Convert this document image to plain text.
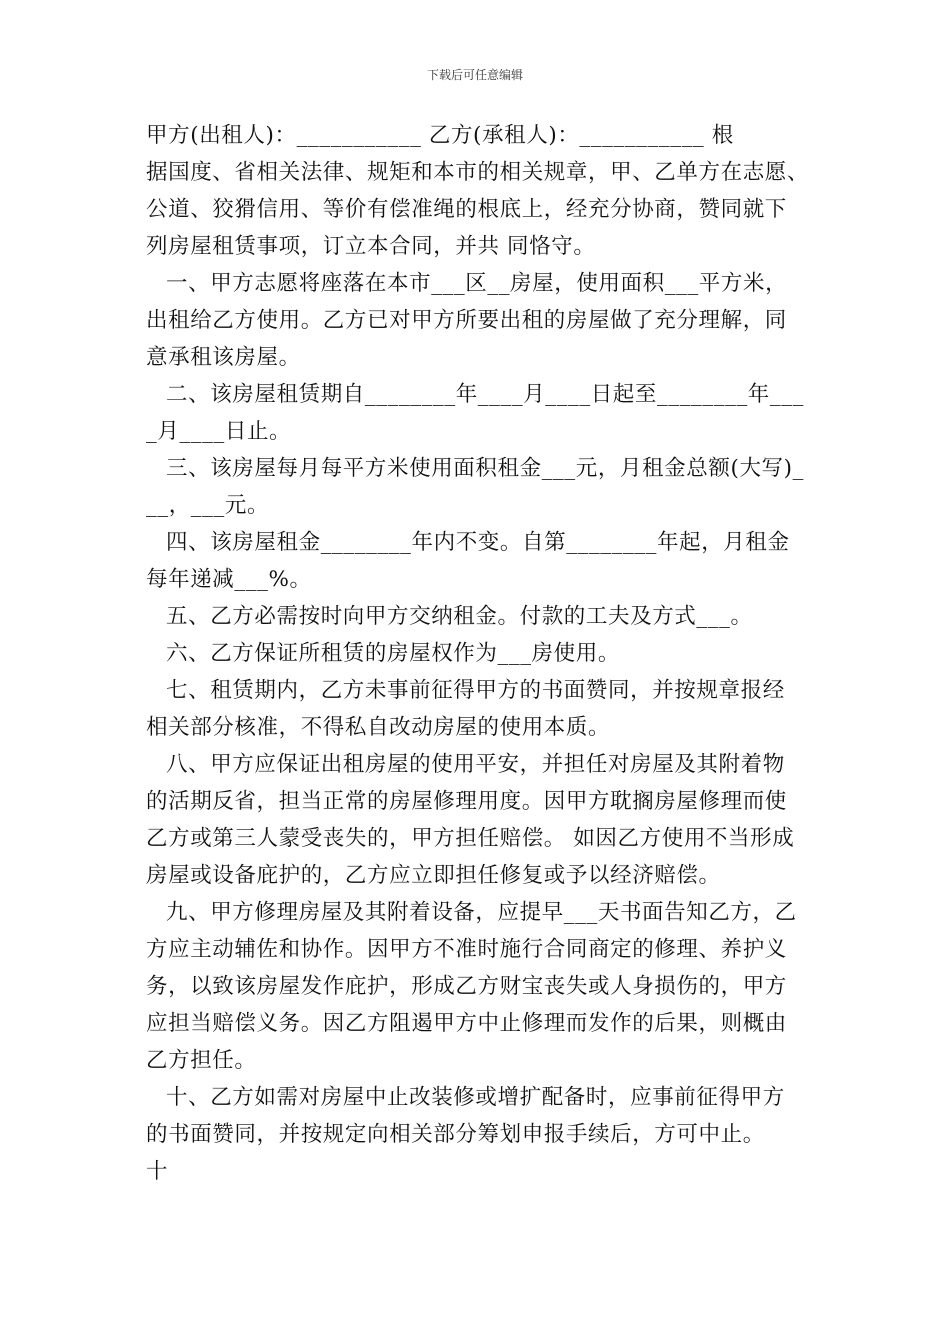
下载后可任意编辑
甲方(出租人)：___________ 乙方(承租人)：___________ 根
据国度、省相关法律、规矩和本市的相关规章，甲、乙单方在志愿、
公道、狡猾信用、等价有偿准绳的根底上，经充分协商，赞同就下
列房屋租赁事项，订立本合同，并共 同恪守。
一、甲方志愿将座落在本市___区__房屋，使用面积___平方米，
出租给乙方使用。乙方已对甲方所要出租的房屋做了充分理解，同
意承租该房屋。
二、该房屋租赁期自________年____月____日起至________年___
_月____日止。
三、该房屋每月每平方米使用面积租金___元，月租金总额(大写)_
__，___元。
四、该房屋租金________年内不变。自第________年起，月租金
每年递减___%。
五、乙方必需按时向甲方交纳租金。付款的工夫及方式___。
六、乙方保证所租赁的房屋权作为___房使用。
七、租赁期内，乙方未事前征得甲方的书面赞同，并按规章报经
相关部分核准，不得私自改动房屋的使用本质。
八、甲方应保证出租房屋的使用平安，并担任对房屋及其附着物
的活期反省，担当正常的房屋修理用度。因甲方耽搁房屋修理而使
乙方或第三人蒙受丧失的，甲方担任赔偿。 如因乙方使用不当形成
房屋或设备庇护的，乙方应立即担任修复或予以经济赔偿。
九、甲方修理房屋及其附着设备，应提早___天书面告知乙方，乙
方应主动辅佐和协作。因甲方不准时施行合同商定的修理、养护义
务，以致该房屋发作庇护，形成乙方财宝丧失或人身损伤的，甲方
应担当赔偿义务。因乙方阻遏甲方中止修理而发作的后果，则概由
乙方担任。
十、乙方如需对房屋中止改装修或增扩配备时，应事前征得甲方
的书面赞同，并按规定向相关部分筹划申报手续后，方可中止。
十
